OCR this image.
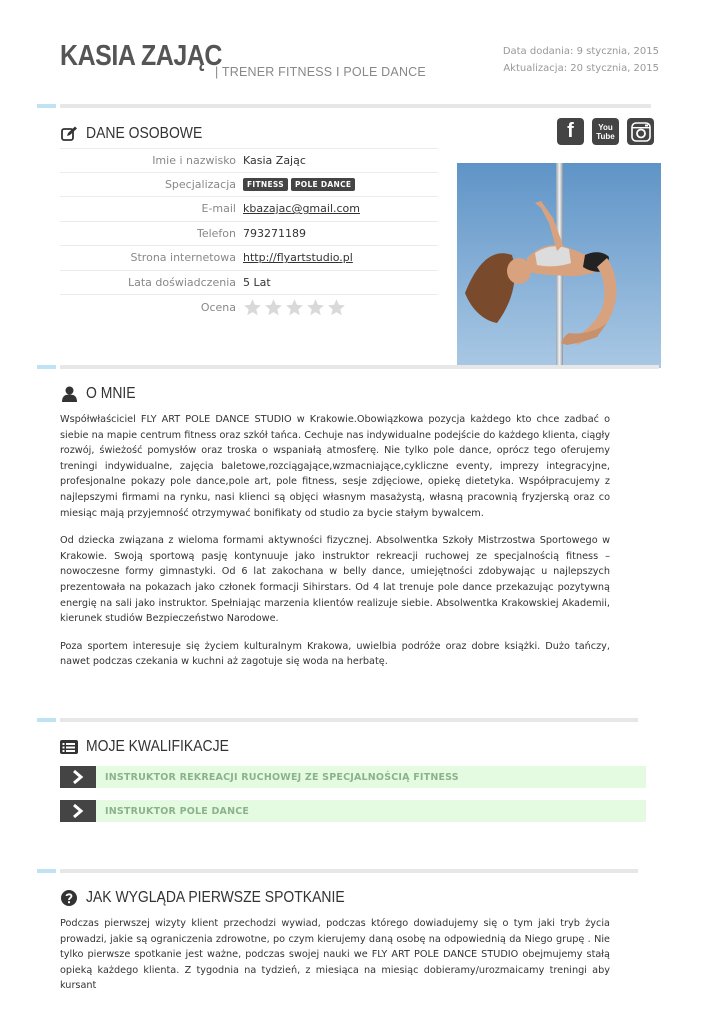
KASIA ZAJĄC
| TRENER FITNESS I POLE DANCE
Data dodania: 9 stycznia, 2015
Aktualizacja: 20 stycznia, 2015
DANE OSOBOWE	f	You
Tube
Imie i nazwisko Kasia Zając
Specjalizacja	FITNESS POLE DANCE
E-mail kbazajac@gmail.com
Telefon 793271189
Strona internetowa http://flyartstudio.pl
Lata doświadczenia 5 Lat
Ocena
O MNIE

Współwłaściciel FLY ART POLE DANCE STUDIO w Krakowie.Obowiązkowa pozycja każdego kto chce zadbać o siebie na mapie centrum fitness oraz szkół tańca. Cechuje nas indywidualne podejście do każdego klienta, ciągły rozwój, świeżość pomysłów oraz troska o wspaniałą atmosferę. Nie tylko pole dance, oprócz tego oferujemy treningi indywidualne, zajęcia baletowe,rozciągające,wzmacniające,cykliczne eventy, imprezy integracyjne, profesjonalne pokazy pole dance,pole art, pole fitness, sesje zdjęciowe, opiekę dietetyka. Współpracujemy z najlepszymi firmami na rynku, nasi klienci są objęci własnym masażystą, własną pracownią fryzjerską oraz co miesiąc mają przyjemność otrzymywać bonifikaty od studio za bycie stałym bywalcem.

Od dziecka związana z wieloma formami aktywności fizycznej. Absolwentka Szkoły Mistrzostwa Sportowego w Krakowie. Swoją sportową pasję kontynuuje jako instruktor rekreacji ruchowej ze specjalnością fitness – nowoczesne formy gimnastyki. Od 6 lat zakochana w belly dance, umiejętności zdobywając u najlepszych prezentowała na pokazach jako członek formacji Sihirstars. Od 4 lat trenuje pole dance przekazując pozytywną energię na sali jako instruktor. Spełniając marzenia klientów realizuje siebie. Absolwentka Krakowskiej Akademii, kierunek studiów Bezpieczeństwo Narodowe.

Poza sportem interesuje się życiem kulturalnym Krakowa, uwielbia podróże oraz dobre książki. Dużo tańczy, nawet podczas czekania w kuchni aż zagotuje się woda na herbatę.

MOJE KWALIFIKACJE
INSTRUKTOR REKREACJI RUCHOWEJ ZE SPECJALNOŚCIĄ FITNESS
INSTRUKTOR POLE DANCE
JAK WYGLĄDA PIERWSZE SPOTKANIE

Podczas pierwszej wizyty klient przechodzi wywiad, podczas którego dowiadujemy się o tym jaki tryb życia prowadzi, jakie są ograniczenia zdrowotne, po czym kierujemy daną osobę na odpowiednią da Niego grupę . Nie tylko pierwsze spotkanie jest ważne, podczas swojej nauki we FLY ART POLE DANCE STUDIO obejmujemy stałą opieką każdego klienta. Z tygodnia na tydzień, z miesiąca na miesiąc dobieramy/urozmaicamy treningi aby kursant
